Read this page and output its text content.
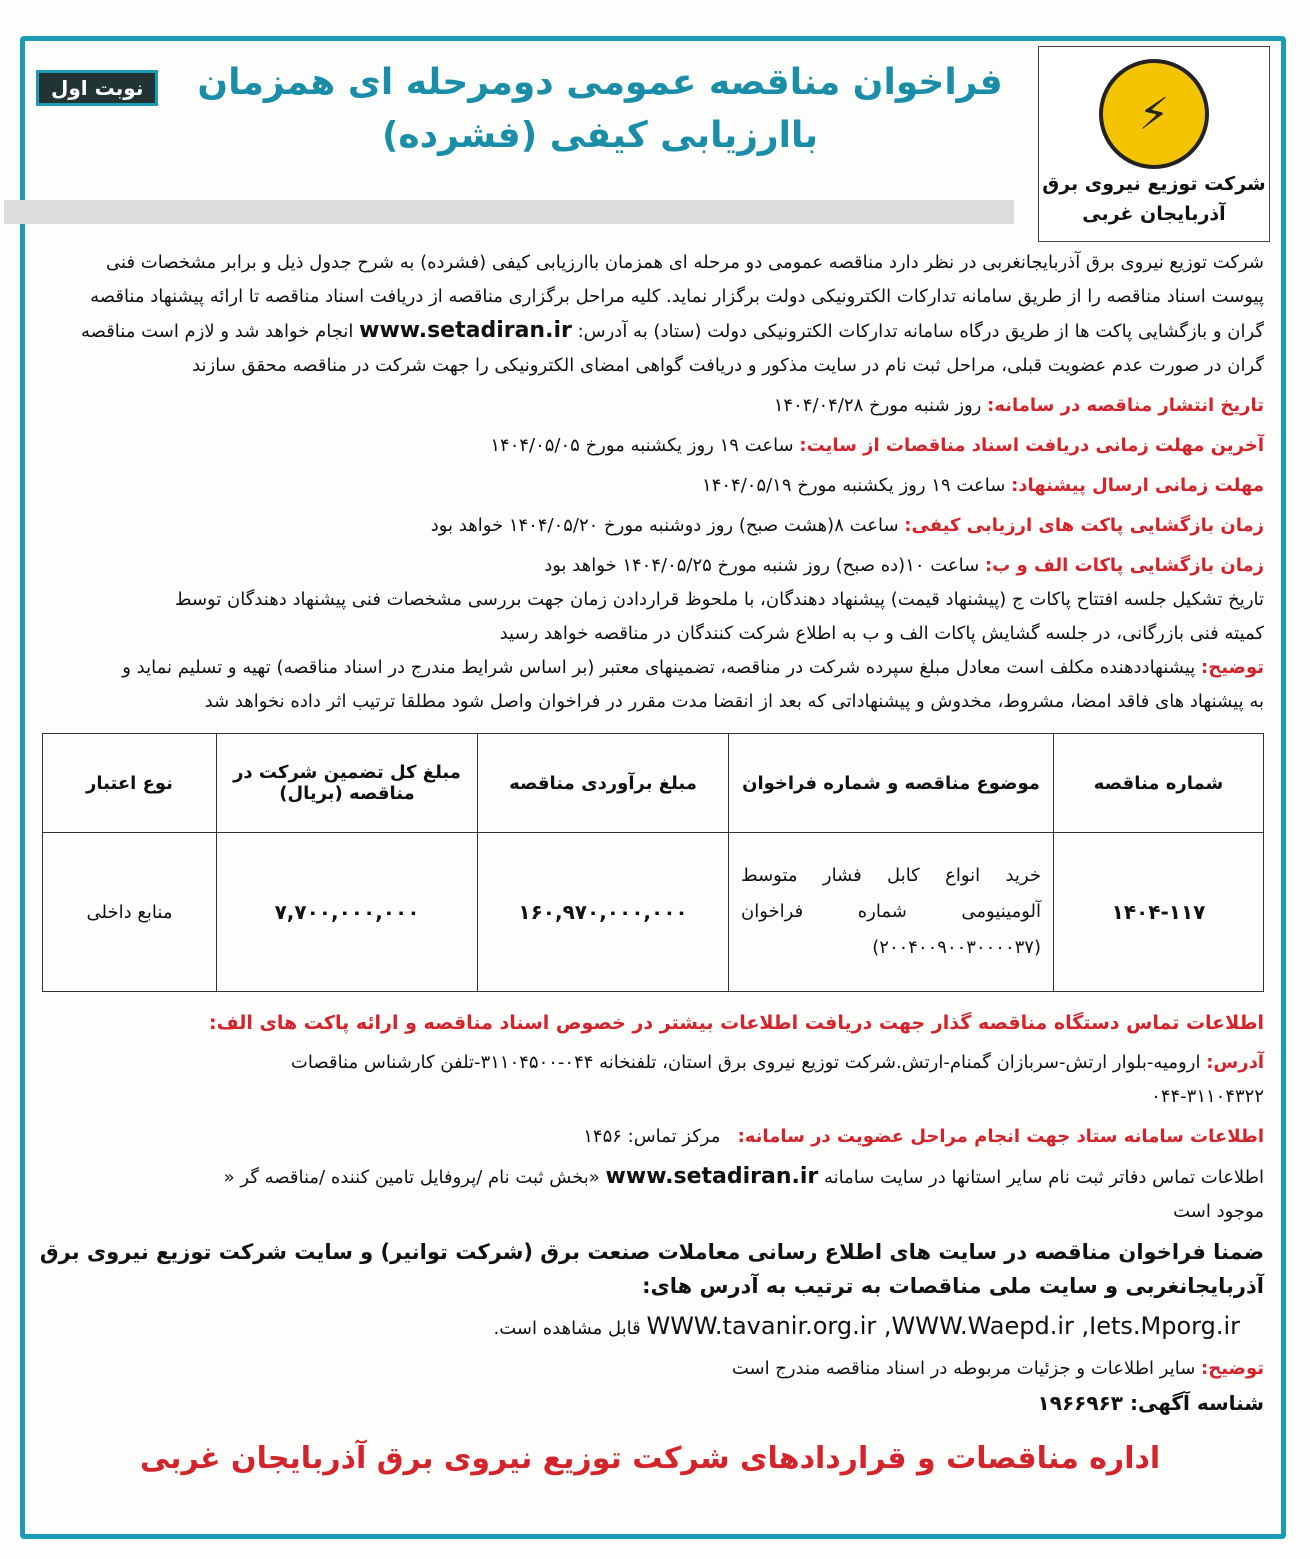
⚡
شرکت توزیع نیروی برق
آذربایجان غربی
نوبت اول	فراخوان مناقصه عمومی دومرحله ای همزمان
باارزیابی کیفی (فشرده)
شرکت توزیع نیروی برق آذربایجانغربی در نظر دارد مناقصه عمومی دو مرحله ای همزمان باارزیابی کیفی (فشرده) به شرح جدول ذیل و برابر مشخصات فنی
پیوست اسناد مناقصه را از طریق سامانه تدارکات الکترونیکی دولت برگزار نماید. کلیه مراحل برگزاری مناقصه از دریافت اسناد مناقصه تا ارائه پیشنهاد مناقصه
گران و بازگشایی پاکت ها از طریق درگاه سامانه تدارکات الکترونیکی دولت (ستاد) به آدرس: www.setadiran.ir انجام خواهد شد و لازم است مناقصه
گران در صورت عدم عضویت قبلی، مراحل ثبت نام در سایت مذکور و دریافت گواهی امضای الکترونیکی را جهت شرکت در مناقصه محقق سازند
تاریخ انتشار مناقصه در سامانه: روز شنبه مورخ ۱۴۰۴/۰۴/۲۸
آخرین مهلت زمانی دریافت اسناد مناقصات از سایت: ساعت ۱۹ روز یکشنبه مورخ ۱۴۰۴/۰۵/۰۵
مهلت زمانی ارسال پیشنهاد: ساعت ۱۹ روز یکشنبه مورخ ۱۴۰۴/۰۵/۱۹
زمان بازگشایی پاکت های ارزیابی کیفی: ساعت ۸(هشت صبح) روز دوشنبه مورخ ۱۴۰۴/۰۵/۲۰ خواهد بود
زمان بازگشایی پاکات الف و ب: ساعت ۱۰(ده صبح) روز شنبه مورخ ۱۴۰۴/۰۵/۲۵ خواهد بود
تاریخ تشکیل جلسه افتتاح پاکات ج (پیشنهاد قیمت) پیشنهاد دهندگان، با ملحوظ قراردادن زمان جهت بررسی مشخصات فنی پیشنهاد دهندگان توسط
کمیته فنی بازرگانی، در جلسه گشایش پاکات الف و ب به اطلاع شرکت کنندگان در مناقصه خواهد رسید
توضیح: پیشنهاددهنده مکلف است معادل مبلغ سپرده شرکت در مناقصه، تضمینهای معتبر (بر اساس شرایط مندرج در اسناد مناقصه) تهیه و تسلیم نماید و
به پیشنهاد های فاقد امضا، مشروط، مخدوش و پیشنهاداتی که بعد از انقضا مدت مقرر در فراخوان واصل شود مطلقا ترتیب اثر داده نخواهد شد
شماره مناقصه	موضوع مناقصه و شماره فراخوان	مبلغ برآوردی مناقصه	مبلغ کل تضمین شرکت در مناقصه (بریال)	نوع اعتبار
۱۴۰۴-۱۱۷	خرید انواع کابل فشار متوسط آلومینیومی شماره فراخوان (۲۰۰۴۰۰۹۰۰۳۰۰۰۰۳۷)	۱۶۰,۹۷۰,۰۰۰,۰۰۰	۷,۷۰۰,۰۰۰,۰۰۰	منابع داخلی
اطلاعات تماس دستگاه مناقصه گذار جهت دریافت اطلاعات بیشتر در خصوص اسناد مناقصه و ارائه پاکت های الف:
آدرس: ارومیه-بلوار ارتش-سربازان گمنام-ارتش.شرکت توزیع نیروی برق استان، تلفنخانه ۰۴۴-۳۱۱۰۴۵۰۰-تلفن کارشناس مناقصات
۰۴۴-۳۱۱۰۴۳۲۲
اطلاعات سامانه ستاد جهت انجام مراحل عضویت در سامانه:   مرکز تماس: ۱۴۵۶
اطلاعات تماس دفاتر ثبت نام سایر استانها در سایت سامانه www.setadiran.ir «بخش ثبت نام /پروفایل تامین کننده /مناقصه گر «
موجود است
ضمنا فراخوان مناقصه در سایت های اطلاع رسانی معاملات صنعت برق (شرکت توانیر) و سایت شرکت توزیع نیروی برق
آذربایجانغربی و سایت ملی مناقصات به ترتیب به آدرس های:
WWW.tavanir.org.ir ,WWW.Waepd.ir ,Iets.Mporg.ir قابل مشاهده است.
توضیح: سایر اطلاعات و جزئیات مربوطه در اسناد مناقصه مندرج است
شناسه آگهی: ۱۹۶۶۹۶۳
اداره مناقصات و قراردادهای شرکت توزیع نیروی برق آذربایجان غربی
